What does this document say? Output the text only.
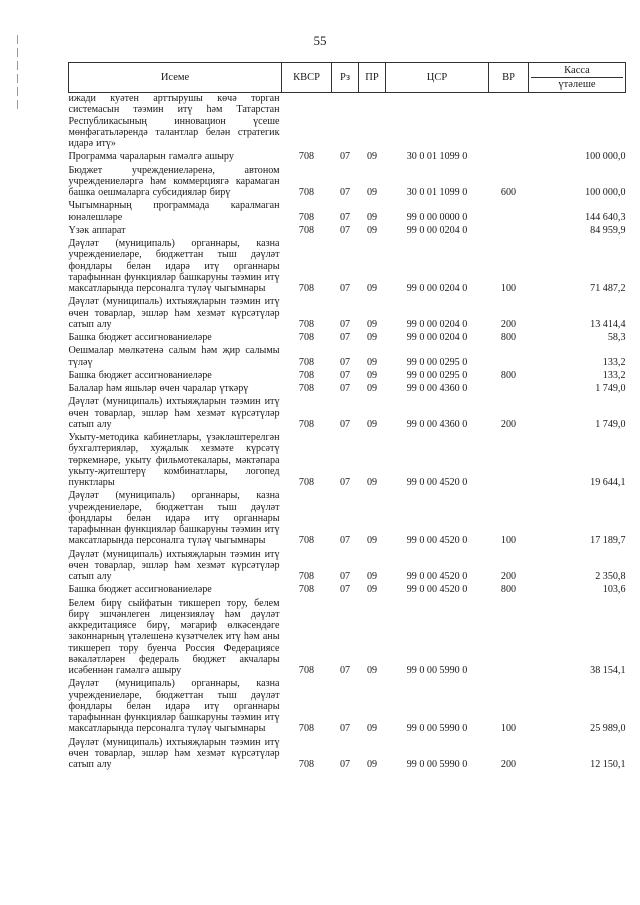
55
Исеме	КВСР	Рз	ПР	ЦСР	ВР	Касса
үтәлеше

ижади куәтен арттырушы көчә торган системасын тәэмин итү һәм Татарстан Республикасының инновацион үсеше мөнфәгатьләрендә талантлар белән стратегик идарә итү»						
Программа чараларын гамәлгә ашыру	708	07	09	30 0 01 1099 0		100 000,0
Бюджет учреждениеләренә, автоном учреждениеләргә һәм коммерциягә карамаган башка оешмаларга субсидияләр бирү	708	07	09	30 0 01 1099 0	600	100 000,0
Чыгымнарның программада каралмаган юнәлешләре	708	07	09	99 0 00 0000 0		144 640,3
Үзәк аппарат	708	07	09	99 0 00 0204 0		84 959,9
Дәүләт (муниципаль) органнары, казна учреждениеләре, бюджеттан тыш дәүләт фондлары белән идарә итү органнары тарафыннан функцияләр башкаруны тәэмин итү максатларында персоналга түләү чыгымнары	708	07	09	99 0 00 0204 0	100	71 487,2
Дәүләт (муниципаль) ихтыяҗларын тәэмин итү өчен товарлар, эшләр һәм хезмәт күрсәтүләр сатып алу	708	07	09	99 0 00 0204 0	200	13 414,4
Башка бюджет ассигнованиеләре	708	07	09	99 0 00 0204 0	800	58,3
Оешмалар мөлкәтенә салым һәм җир салымы түләү	708	07	09	99 0 00 0295 0		133,2
Башка бюджет ассигнованиеләре	708	07	09	99 0 00 0295 0	800	133,2
Балалар һәм яшьләр өчен чаралар үткәрү	708	07	09	99 0 00 4360 0		1 749,0
Дәүләт (муниципаль) ихтыяҗларын тәэмин итү өчен товарлар, эшләр һәм хезмәт күрсәтүләр сатып алу	708	07	09	99 0 00 4360 0	200	1 749,0
Укыту-методика кабинетлары, үзәкләштерелгән бухгалтерияләр, хуҗалык хезмәте күрсәтү төркемнәре, укыту фильмотекалары, мәктәпара укыту-җитештерү комбинатлары, логопед пунктлары	708	07	09	99 0 00 4520 0		19 644,1
Дәүләт (муниципаль) органнары, казна учреждениеләре, бюджеттан тыш дәүләт фондлары белән идарә итү органнары тарафыннан функцияләр башкаруны тәэмин итү максатларында персоналга түләү чыгымнары	708	07	09	99 0 00 4520 0	100	17 189,7
Дәүләт (муниципаль) ихтыяҗларын тәэмин итү өчен товарлар, эшләр һәм хезмәт күрсәтүләр сатып алу	708	07	09	99 0 00 4520 0	200	2 350,8
Башка бюджет ассигнованиеләре	708	07	09	99 0 00 4520 0	800	103,6
Белем бирү сыйфатын тикшереп тору, белем бирү эшчәнлеген лицензияләү һәм дәүләт аккредитациясе бирү, мәгариф өлкәсендәге законнарның үтәлешенә күзәтчелек итү һәм аны тикшереп тору буенча Россия Федерациясе вәкаләтләрен федераль бюджет акчалары исәбеннән гамәлгә ашыру	708	07	09	99 0 00 5990 0		38 154,1
Дәүләт (муниципаль) органнары, казна учреждениеләре, бюджеттан тыш дәүләт фондлары белән идарә итү органнары тарафыннан функцияләр башкаруны тәэмин итү максатларында персоналга түләү чыгымнары	708	07	09	99 0 00 5990 0	100	25 989,0
Дәүләт (муниципаль) ихтыяҗларын тәэмин итү өчен товарлар, эшләр һәм хезмәт күрсәтүләр сатып алу	708	07	09	99 0 00 5990 0	200	12 150,1
